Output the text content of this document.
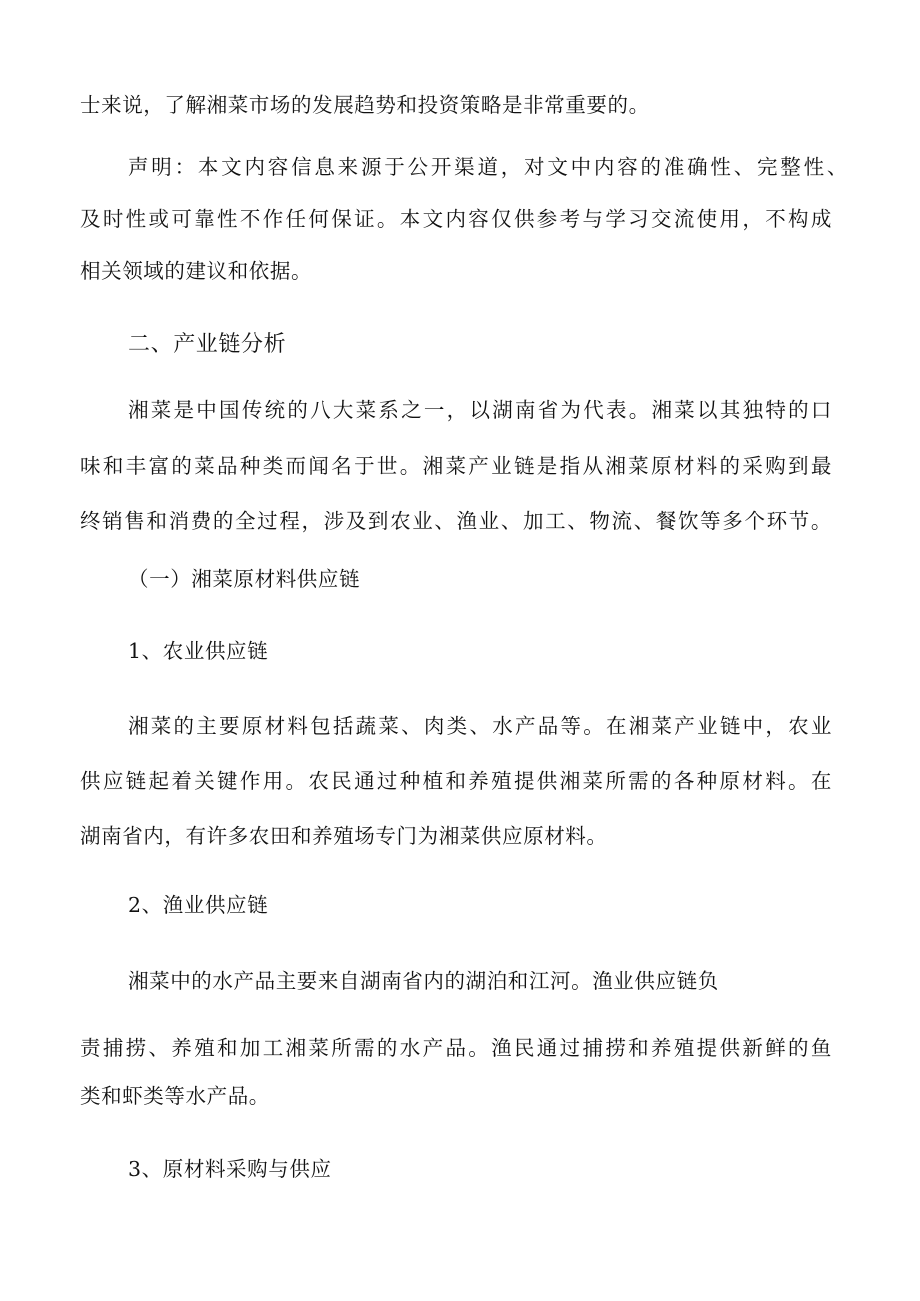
士来说，了解湘菜市场的发展趋势和投资策略是非常重要的。
声明：本文内容信息来源于公开渠道，对文中内容的准确性、完整性、
及时性或可靠性不作任何保证。本文内容仅供参考与学习交流使用，不构成
相关领域的建议和依据。
二、产业链分析
湘菜是中国传统的八大菜系之一，以湖南省为代表。湘菜以其独特的口
味和丰富的菜品种类而闻名于世。湘菜产业链是指从湘菜原材料的采购到最
终销售和消费的全过程，涉及到农业、渔业、加工、物流、餐饮等多个环节。
（一）湘菜原材料供应链
1、农业供应链
湘菜的主要原材料包括蔬菜、肉类、水产品等。在湘菜产业链中，农业
供应链起着关键作用。农民通过种植和养殖提供湘菜所需的各种原材料。在
湖南省内，有许多农田和养殖场专门为湘菜供应原材料。
2、渔业供应链
湘菜中的水产品主要来自湖南省内的湖泊和江河。渔业供应链负
责捕捞、养殖和加工湘菜所需的水产品。渔民通过捕捞和养殖提供新鲜的鱼
类和虾类等水产品。
3、原材料采购与供应
